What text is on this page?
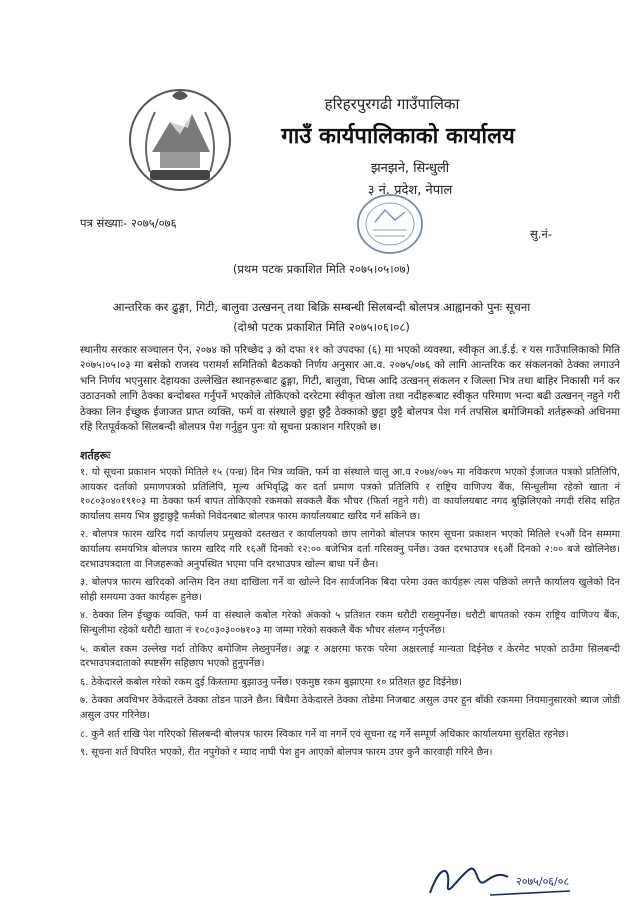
हरिहरपुरगढी गाउँपालिका
गाउँ कार्यपालिकाको कार्यालय
झनझने, सिन्धुली
३ नं. प्रदेश, नेपाल
पत्र संख्याः- २०७५/०७६
सु.नं-
(प्रथम पटक प्रकाशित मिति २०७५।०५।०७)
आन्तरिक कर ढुङ्गा, गिटी, बालुवा उत्खनन् तथा बिक्रि सम्बन्धी सिलबन्दी बोलपत्र आह्वानको पुनः सूचना
(दोश्रो पटक प्रकाशित मिति २०७५।०६।०८)
स्थानीय सरकार सञ्चालन ऐन, २०७४ को परिच्छेद ३ को दफा ११ को उपदफा (६) मा भएको व्यवस्था, स्वीकृत आ.ई.ई. र यस गाउँपालिकाको मिति २०७५।०५।०३ मा बसेको राजस्व परामर्श समितिको बैठकको निर्णय अनुसार आ.व. २०७५/०७६ को लागि आन्तरिक कर संकलनको ठेक्का लगाउने भनि निर्णय भएनुसार देहायका उल्लेखित स्थानहरूबाट ढुङ्गा, गिटी, बालुवा, चिप्स आदि उत्खनन् संकलन र जिल्ला भित्र तथा बाहिर निकासी गर्न कर उठाउनको लागि ठेक्का बन्दोबस्त गर्नुपर्ने भएकोले तोकिएको दररेटमा स्वीकृत खोला तथा नदीहरूबाट स्वीकृत परिमाण भन्दा बढी उत्खनन् नहुने गरी ठेक्का लिन ईच्छुक ईजाजत प्राप्त व्यक्ति, फर्म वा संस्थाले छुट्टा छुट्टै ठेक्काको छुट्टा छुट्टै बोलपत्र पेश गर्न तपसिल बमोजिमको शर्तहरूको अधिनमा रहि रितपूर्वकको सिलबन्दी बोलपत्र पेश गर्नुहुन पुनः यो सूचना प्रकाशन गरिएको छ।
शर्तहरूः
१. यो सूचना प्रकाशन भएको मितिले १५ (पन्ध्र) दिन भित्र व्यक्ति, फर्म वा संस्थाले चालु आ.व २०७४/०७५ मा नविकरण भएको ईजाजत पत्रको प्रतिलिपि, आयकर दर्ताको प्रमाणपत्रको प्रतिलिपि, मूल्य अभिवृद्धि कर दर्ता प्रमाण पत्रको प्रतिलिपि र राष्ट्रिय वाणिज्य बैंक, सिन्धुलीमा रहेको खाता नं १०८०३०४०१९१०३ मा ठेक्का फर्म बापत तोकिएको रकमको सक्कलै बैंक भौचर (फिर्ता नहुने गरी) वा कार्यालयबाट नगद बुझिलिएको नगदी रसिद सहित कार्यालय समय भित्र छुट्टाछुट्टै फर्मको निवेदनबाट बोलपत्र फारम कार्यालयबाट खरिद गर्न सकिने छ।
२. बोलपत्र फारम खरिद गर्दा कार्यालय प्रमुखको दस्तखत र कार्यालयको छाप लागेको बोलपत्र फारम सूचना प्रकाशन भएको मितिले १५औं दिन सम्ममा कार्यालय समयभित्र बोलपत्र फारम खरिद गरि १६औं दिनको १२:०० बजेभित्र दर्ता गरिसक्नु पर्नेछ। उक्त दरभाउपत्र १६औं दिनको २:०० बजे खोलिनेछ। दरभाउपत्रदाता वा निजहरूको अनुपस्थित भएमा पनि दरभाउपत्र खोल्न बाधा पर्ने छैन।
३. बोलपत्र फारम खरिदको अन्तिम दिन तथा दाखिला गर्ने वा खोल्ने दिन सार्वजनिक बिदा परेमा उक्त कार्यहरू त्यस पछिको लगत्तै कार्यालय खुलेको दिन सोही समयमा उक्त कार्यहरू हुनेछ।
४. ठेक्का लिन ईच्छुक व्यक्ति, फर्म वा संस्थाले कबोल गरेको अंकको ५ प्रतिशत रकम धरौटी राख्नुपर्नेछ। धरौटी बापतको रकम राष्ट्रिय वाणिज्य बैंक, सिन्धुलीमा रहेको धरौटी खाता नं १०८०३०३००७१०३ मा जम्मा गरेको सक्कलै बैंक भौचर संलग्न गर्नुपर्नेछ।
५. कबोल रकम उल्लेख गर्दा तोकिए बमोजिम लेख्नुपर्नेछ। अङ्क र अक्षरमा फरक परेमा अक्षरलाई मान्यता दिईनेछ र केरमेट भएको ठाउँमा सिलबन्दी दरभाउपत्रदाताको स्पष्टसँग सहिछाप भएको हुनुपर्नेछ।
६. ठेकेदारले कबोल गरेको रकम दुई किस्तामा बुझाउनु पर्नेछ। एकमुष्ठ रकम बुझाएमा १० प्रतिशत छुट दिईनेछ।
७. ठेक्का अवधिभर ठेकेदारले ठेक्का तोडन पाउने छैन। बिचैमा ठेकेदारले ठेक्का तोडेमा निजबाट असुल उपर हुन बाँकी रकममा नियमानुसारको ब्याज जोडी असुल उपर गरिनेछ।
८. कुनै शर्त राखि पेश गरिएको सिलबन्दी बोलपत्र फारम स्विकार गर्ने वा नगर्ने एवं सूचना रद्द गर्ने सम्पूर्ण अधिकार कार्यालयमा सुरक्षित रहनेछ।
९. सूचना शर्त विपरित भएको, रीत नपुगेको र म्याद नाघी पेश हुन आएको बोलपत्र फारम उपर कुनै कारवाही गरिने छैन।
२०७५/०६/०८
